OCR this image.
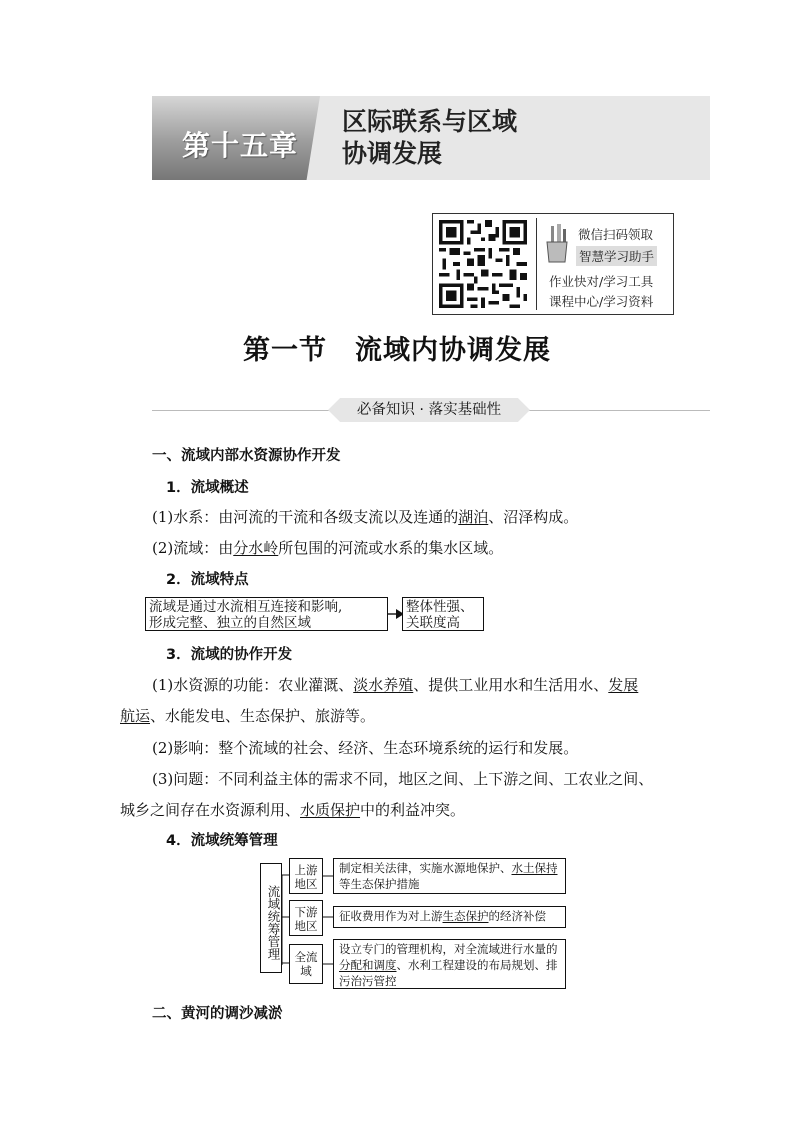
第十五章
区际联系与区域
协调发展
微信扫码领取
智慧学习助手
作业快对/学习工具
课程中心/学习资料
第一节　流域内协调发展
必备知识 · 落实基础性
一、流域内部水资源协作开发
1．流域概述
(1)水系：由河流的干流和各级支流以及连通的湖泊、沼泽构成。
(2)流域：由分水岭所包围的河流或水系的集水区域。
2．流域特点
流域是通过水流相互连接和影响,
形成完整、独立的自然区域
整体性强、
关联度高
3．流域的协作开发
(1)水资源的功能：农业灌溉、淡水养殖、提供工业用水和生活用水、发展
航运、水能发电、生态保护、旅游等。
(2)影响：整个流域的社会、经济、生态环境系统的运行和发展。
(3)问题：不同利益主体的需求不同，地区之间、上下游之间、工农业之间、
城乡之间存在水资源利用、水质保护中的利益冲突。
4．流域统筹管理
流域统筹管理
上游地区
下游地区
全流域
制定相关法律，实施水源地保护、水土保持
等生态保护措施
征收费用作为对上游生态保护的经济补偿
设立专门的管理机构，对全流域进行水量的
分配和调度、水利工程建设的布局规划、排
污治污管控
二、黄河的调沙减淤
